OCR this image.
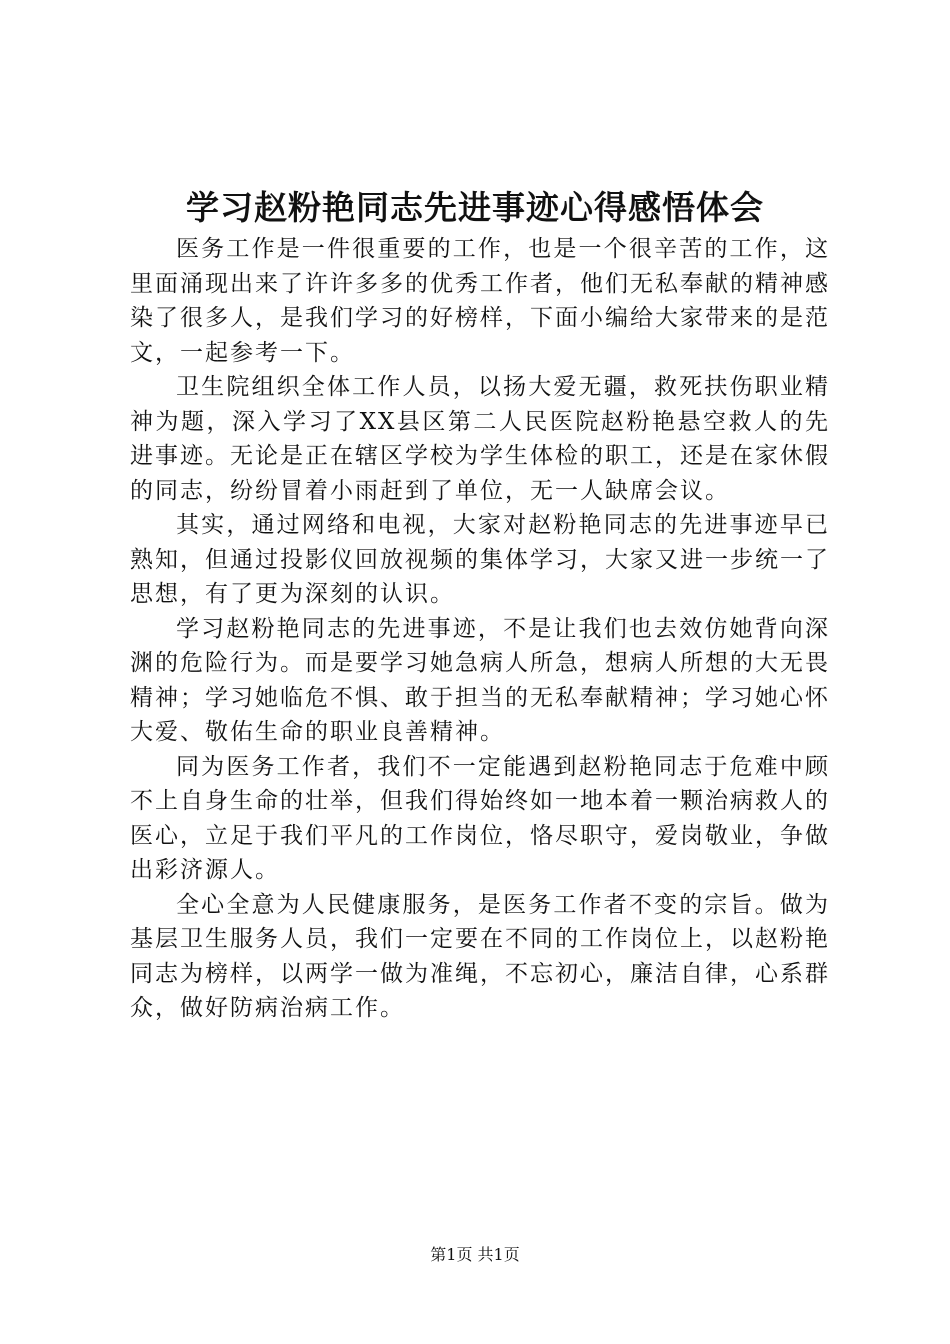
学习赵粉艳同志先进事迹心得感悟体会

医务工作是一件很重要的工作，也是一个很辛苦的工作，这里面涌现出来了许许多多的优秀工作者，他们无私奉献的精神感染了很多人，是我们学习的好榜样，下面小编给大家带来的是范文，一起参考一下。

卫生院组织全体工作人员，以扬大爱无疆，救死扶伤职业精神为题，深入学习了XX县区第二人民医院赵粉艳悬空救人的先进事迹。无论是正在辖区学校为学生体检的职工，还是在家休假的同志，纷纷冒着小雨赶到了单位，无一人缺席会议。

其实，通过网络和电视，大家对赵粉艳同志的先进事迹早已熟知，但通过投影仪回放视频的集体学习，大家又进一步统一了思想，有了更为深刻的认识。

学习赵粉艳同志的先进事迹，不是让我们也去效仿她背向深渊的危险行为。而是要学习她急病人所急，想病人所想的大无畏精神；学习她临危不惧、敢于担当的无私奉献精神；学习她心怀大爱、敬佑生命的职业良善精神。

同为医务工作者，我们不一定能遇到赵粉艳同志于危难中顾不上自身生命的壮举，但我们得始终如一地本着一颗治病救人的医心，立足于我们平凡的工作岗位，恪尽职守，爱岗敬业，争做出彩济源人。

全心全意为人民健康服务，是医务工作者不变的宗旨。做为基层卫生服务人员，我们一定要在不同的工作岗位上，以赵粉艳同志为榜样，以两学一做为准绳，不忘初心，廉洁自律，心系群众，做好防病治病工作。

第1页 共1页
